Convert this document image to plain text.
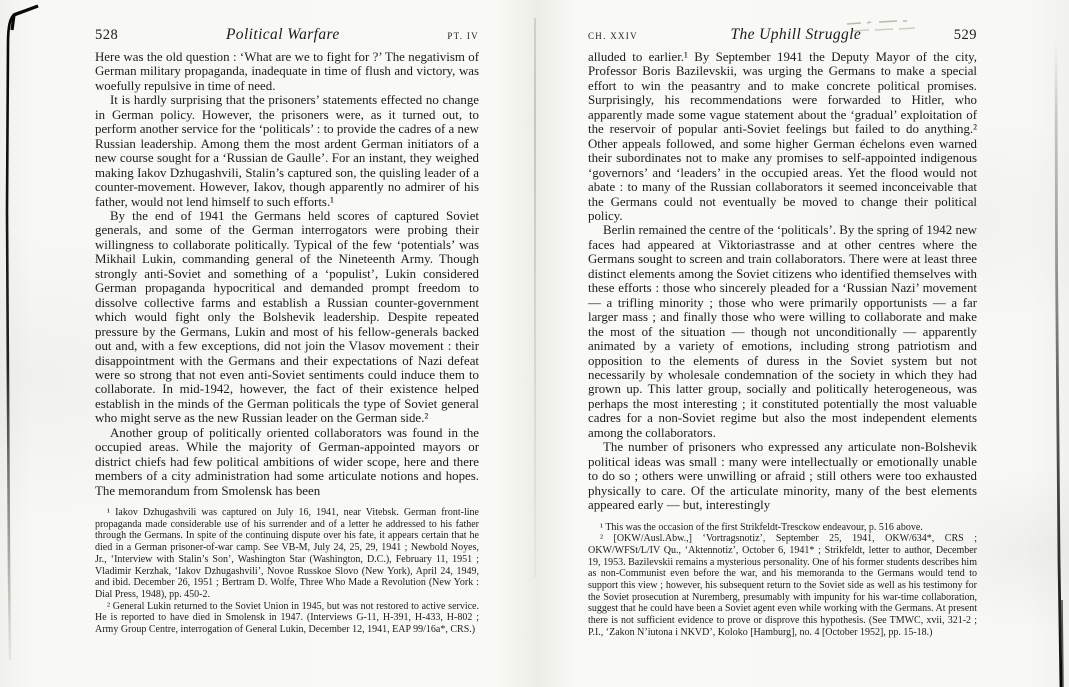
528	Political Warfare	PT. IV

Here was the old question : ‘What are we to fight for ?’ The negativism of German military propaganda, inadequate in time of flush and victory, was woefully repulsive in time of need.

It is hardly surprising that the prisoners’ statements effected no change in German policy. However, the prisoners were, as it turned out, to perform another service for the ‘politicals’ : to provide the cadres of a new Russian leadership. Among them the most ardent German initiators of a new course sought for a ‘Russian de Gaulle’. For an instant, they weighed making Iakov Dzhugashvili, Stalin’s captured son, the quisling leader of a counter-movement. However, Iakov, though apparently no admirer of his father, would not lend himself to such efforts.¹

By the end of 1941 the Germans held scores of captured Soviet generals, and some of the German interrogators were probing their willingness to collaborate politically. Typical of the few ‘potentials’ was Mikhail Lukin, commanding general of the Nineteenth Army. Though strongly anti-Soviet and something of a ‘populist’, Lukin considered German propaganda hypocritical and demanded prompt freedom to dissolve collective farms and establish a Russian counter-government which would fight only the Bolshevik leadership. Despite repeated pressure by the Germans, Lukin and most of his fellow-generals backed out and, with a few exceptions, did not join the Vlasov movement : their disappointment with the Germans and their expectations of Nazi defeat were so strong that not even anti-Soviet sentiments could induce them to collaborate. In mid-1942, however, the fact of their existence helped establish in the minds of the German politicals the type of Soviet general who might serve as the new Russian leader on the German side.²

Another group of politically oriented collaborators was found in the occupied areas. While the majority of German-appointed mayors or district chiefs had few political ambitions of wider scope, here and there members of a city administration had some articulate notions and hopes. The memorandum from Smolensk has been

¹ Iakov Dzhugashvili was captured on July 16, 1941, near Vitebsk. German front-line propaganda made considerable use of his surrender and of a letter he addressed to his father through the Germans. In spite of the continuing dispute over his fate, it appears certain that he died in a German prisoner-of-war camp. See VB-M, July 24, 25, 29, 1941 ; Newbold Noyes, Jr., ‘Interview with Stalin’s Son’, Washington Star (Washington, D.C.), February 11, 1951 ; Vladimir Kerzhak, ‘Iakov Dzhugashvili’, Novoe Russkoe Slovo (New York), April 24, 1949, and ibid. December 26, 1951 ; Bertram D. Wolfe, Three Who Made a Revolution (New York : Dial Press, 1948), pp. 450-2.

² General Lukin returned to the Soviet Union in 1945, but was not restored to active service. He is reported to have died in Smolensk in 1947. (Interviews G-11, H-391, H-433, H-802 ; Army Group Centre, interrogation of General Lukin, December 12, 1941, EAP 99/16a*, CRS.)

CH. XXIV	The Uphill Struggle	529

alluded to earlier.¹ By September 1941 the Deputy Mayor of the city, Professor Boris Bazilevskii, was urging the Germans to make a special effort to win the peasantry and to make concrete political promises. Surprisingly, his recommendations were forwarded to Hitler, who apparently made some vague statement about the ‘gradual’ exploitation of the reservoir of popular anti-Soviet feelings but failed to do anything.² Other appeals followed, and some higher German échelons even warned their subordinates not to make any promises to self-appointed indigenous ‘governors’ and ‘leaders’ in the occupied areas. Yet the flood would not abate : to many of the Russian collaborators it seemed inconceivable that the Germans could not eventually be moved to change their political policy.

Berlin remained the centre of the ‘politicals’. By the spring of 1942 new faces had appeared at Viktoriastrasse and at other centres where the Germans sought to screen and train collaborators. There were at least three distinct elements among the Soviet citizens who identified themselves with these efforts : those who sincerely pleaded for a ‘Russian Nazi’ movement — a trifling minority ; those who were primarily opportunists — a far larger mass ; and finally those who were willing to collaborate and make the most of the situation — though not unconditionally — apparently animated by a variety of emotions, including strong patriotism and opposition to the elements of duress in the Soviet system but not necessarily by wholesale condemnation of the society in which they had grown up. This latter group, socially and politically heterogeneous, was perhaps the most interesting ; it constituted potentially the most valuable cadres for a non-Soviet regime but also the most independent elements among the collaborators.

The number of prisoners who expressed any articulate non-Bolshevik political ideas was small : many were intellectually or emotionally unable to do so ; others were unwilling or afraid ; still others were too exhausted physically to care. Of the articulate minority, many of the best elements appeared early — but, interestingly

¹ This was the occasion of the first Strikfeldt-Tresckow endeavour, p. 516 above.

² [OKW/Ausl.Abw.,] ‘Vortragsnotiz’, September 25, 1941, OKW/634*, CRS ; OKW/WFSt/L/IV Qu., ‘Aktennotiz’, October 6, 1941* ; Strikfeldt, letter to author, December 19, 1953. Bazilevskii remains a mysterious personality. One of his former students describes him as non-Communist even before the war, and his memoranda to the Germans would tend to support this view ; however, his subsequent return to the Soviet side as well as his testimony for the Soviet prosecution at Nuremberg, presumably with impunity for his war-time collaboration, suggest that he could have been a Soviet agent even while working with the Germans. At present there is not sufficient evidence to prove or disprove this hypothesis. (See TMWC, xvii, 321-2 ; P.I., ‘Zakon N’iutona i NKVD’, Koloko [Hamburg], no. 4 [October 1952], pp. 15-18.)
